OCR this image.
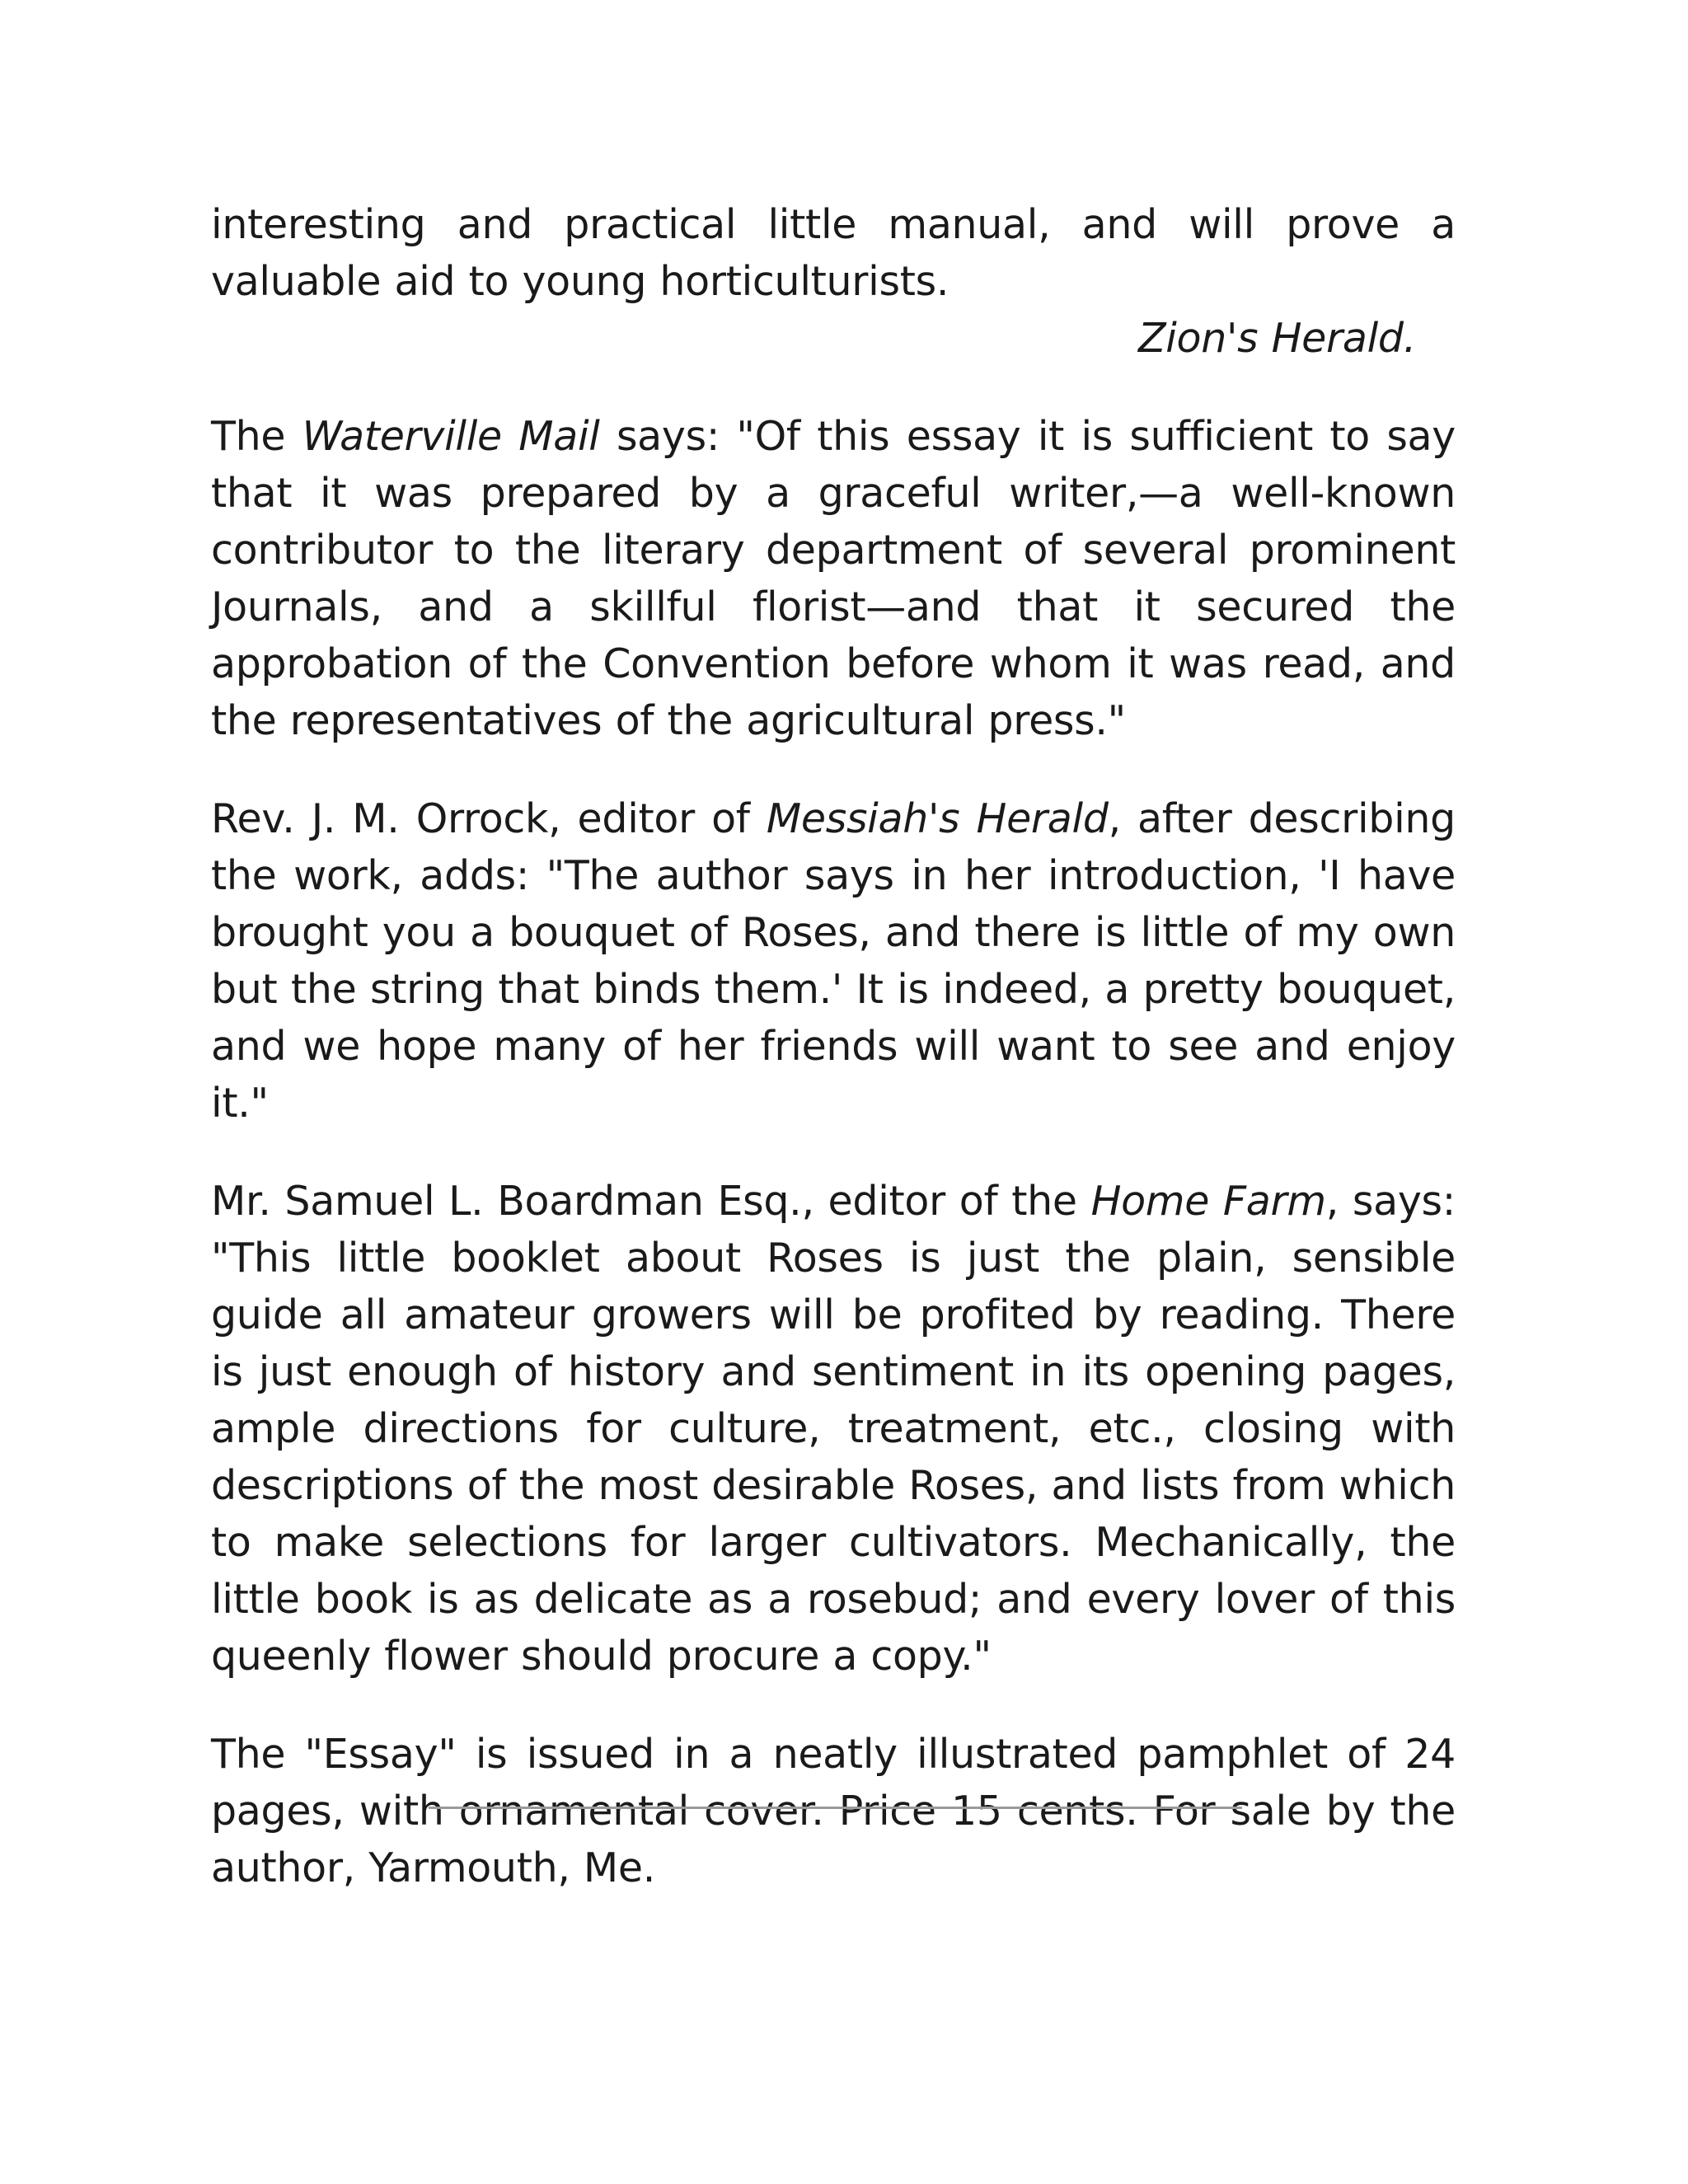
interesting and practical little manual, and will prove a valuable aid to young horticulturists.

Zion's Herald.

The Waterville Mail says: "Of this essay it is sufficient to say that it was prepared by a graceful writer,—a well-known contributor to the literary department of several prominent Journals, and a skillful florist—and that it secured the approbation of the Convention before whom it was read, and the representatives of the agricultural press."

Rev. J. M. Orrock, editor of Messiah's Herald, after describing the work, adds: "The author says in her introduction, 'I have brought you a bouquet of Roses, and there is little of my own but the string that binds them.' It is indeed, a pretty bouquet, and we hope many of her friends will want to see and enjoy it."

Mr. Samuel L. Boardman Esq., editor of the Home Farm, says: "This little booklet about Roses is just the plain, sensible guide all amateur growers will be profited by reading. There is just enough of history and sentiment in its opening pages, ample directions for culture, treatment, etc., closing with descriptions of the most desirable Roses, and lists from which to make selections for larger cultivators. Mechanically, the little book is as delicate as a rosebud; and every lover of this queenly flower should procure a copy."

The "Essay" is issued in a neatly illustrated pamphlet of 24 pages, with ornamental cover. Price 15 cents. For sale by the author, Yarmouth, Me.
